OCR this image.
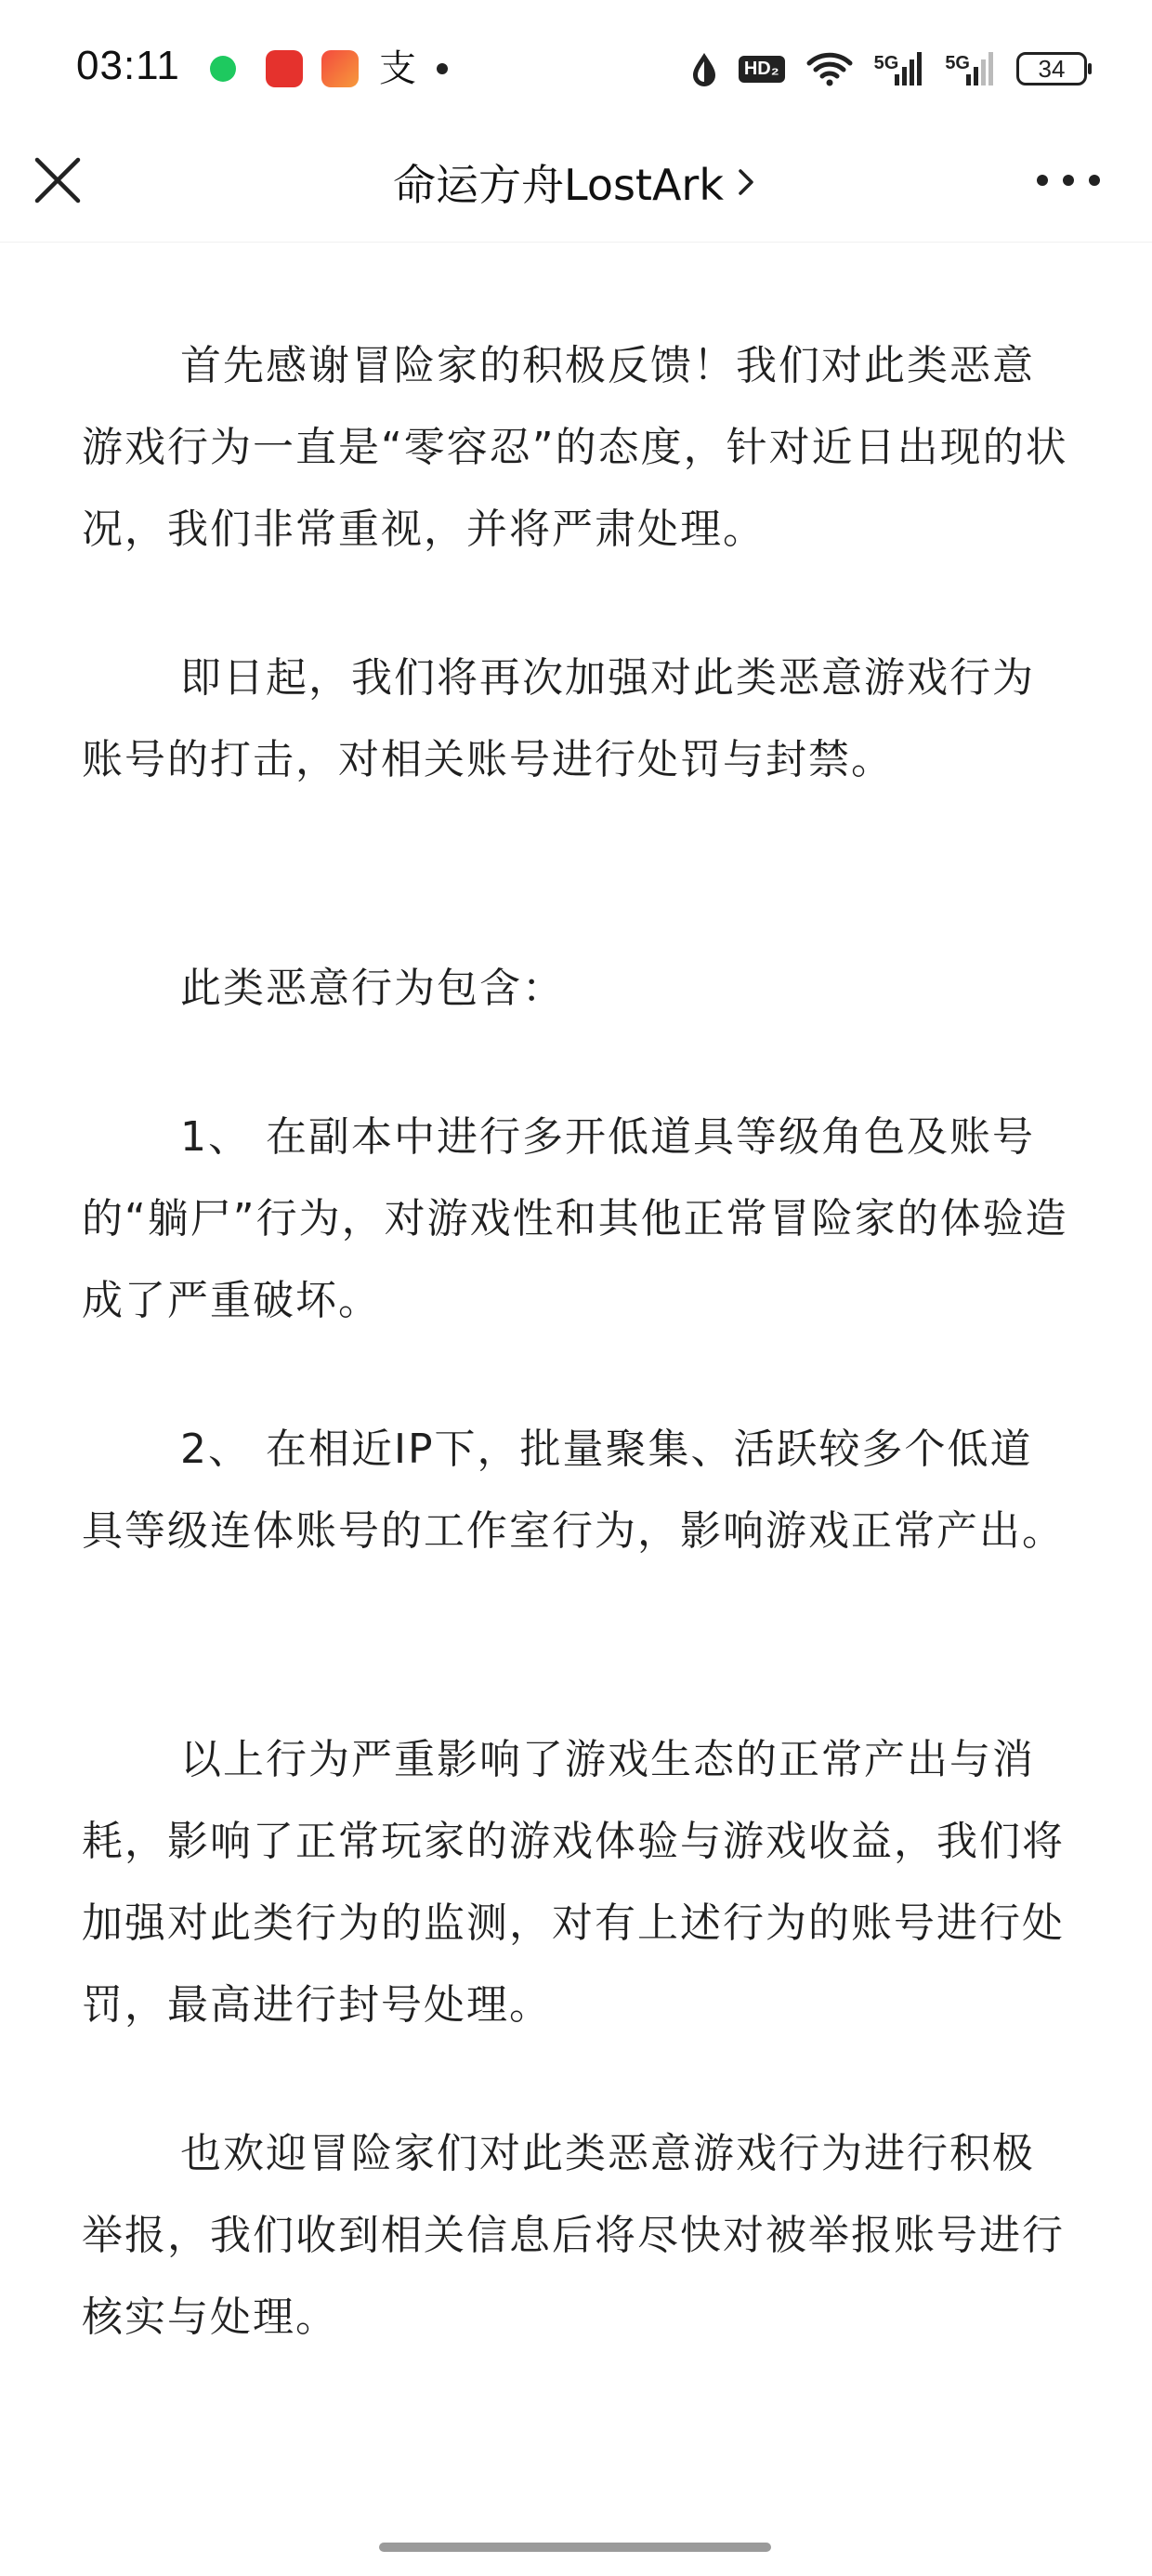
03:11	支	HD₂	5G	5G	34
命运方舟LostArk

首先感谢冒险家的积极反馈！我们对此类恶意游戏行为一直是“零容忍”的态度，针对近日出现的状况，我们非常重视，并将严肃处理。

即日起，我们将再次加强对此类恶意游戏行为账号的打击，对相关账号进行处罚与封禁。

此类恶意行为包含：

1、 在副本中进行多开低道具等级角色及账号的“躺尸”行为，对游戏性和其他正常冒险家的体验造成了严重破坏。

2、 在相近IP下，批量聚集、活跃较多个低道具等级连体账号的工作室行为，影响游戏正常产出。

以上行为严重影响了游戏生态的正常产出与消耗，影响了正常玩家的游戏体验与游戏收益，我们将加强对此类行为的监测，对有上述行为的账号进行处罚，最高进行封号处理。

也欢迎冒险家们对此类恶意游戏行为进行积极举报，我们收到相关信息后将尽快对被举报账号进行核实与处理。
